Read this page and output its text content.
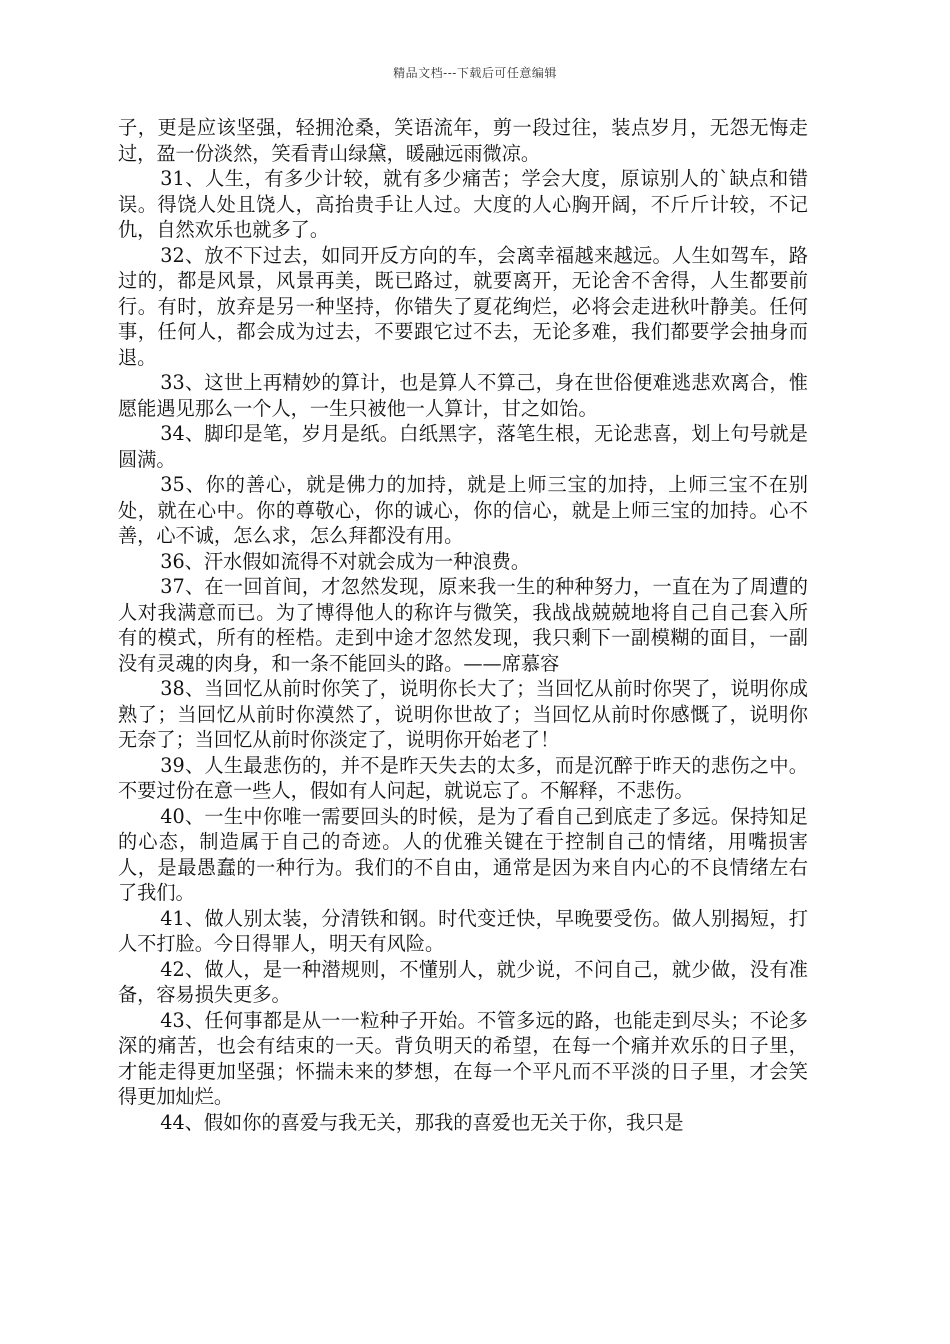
精品文档---下载后可任意编辑

子，更是应该坚强，轻拥沧桑，笑语流年，剪一段过往，装点岁月，无怨无悔走过，盈一份淡然，笑看青山绿黛，暖融远雨微凉。

31、人生，有多少计较，就有多少痛苦；学会大度，原谅别人的`缺点和错误。得饶人处且饶人，高抬贵手让人过。大度的人心胸开阔，不斤斤计较，不记仇，自然欢乐也就多了。

32、放不下过去，如同开反方向的车，会离幸福越来越远。人生如驾车，路过的，都是风景，风景再美，既已路过，就要离开，无论舍不舍得，人生都要前行。有时，放弃是另一种坚持，你错失了夏花绚烂，必将会走进秋叶静美。任何事，任何人，都会成为过去，不要跟它过不去，无论多难，我们都要学会抽身而退。

33、这世上再精妙的算计，也是算人不算己，身在世俗便难逃悲欢离合，惟愿能遇见那么一个人，一生只被他一人算计，甘之如饴。

34、脚印是笔，岁月是纸。白纸黑字，落笔生根，无论悲喜，划上句号就是圆满。

35、你的善心，就是佛力的加持，就是上师三宝的加持，上师三宝不在别处，就在心中。你的尊敬心，你的诚心，你的信心，就是上师三宝的加持。心不善，心不诚，怎么求，怎么拜都没有用。

36、汗水假如流得不对就会成为一种浪费。

37、在一回首间，才忽然发现，原来我一生的种种努力，一直在为了周遭的人对我满意而已。为了博得他人的称许与微笑，我战战兢兢地将自己自己套入所有的模式，所有的桎梏。走到中途才忽然发现，我只剩下一副模糊的面目，一副没有灵魂的肉身，和一条不能回头的路。——席慕容

38、当回忆从前时你笑了，说明你长大了；当回忆从前时你哭了，说明你成熟了；当回忆从前时你漠然了，说明你世故了；当回忆从前时你感慨了，说明你无奈了；当回忆从前时你淡定了，说明你开始老了！

39、人生最悲伤的，并不是昨天失去的太多，而是沉醉于昨天的悲伤之中。不要过份在意一些人，假如有人问起，就说忘了。不解释，不悲伤。

40、一生中你唯一需要回头的时候，是为了看自己到底走了多远。保持知足的心态，制造属于自己的奇迹。人的优雅关键在于控制自己的情绪，用嘴损害人，是最愚蠢的一种行为。我们的不自由，通常是因为来自内心的不良情绪左右了我们。

41、做人别太装，分清铁和钢。时代变迁快，早晚要受伤。做人别揭短，打人不打脸。今日得罪人，明天有风险。

42、做人，是一种潜规则，不懂别人，就少说，不问自己，就少做，没有准备，容易损失更多。

43、任何事都是从一一粒种子开始。不管多远的路，也能走到尽头；不论多深的痛苦，也会有结束的一天。背负明天的希望，在每一个痛并欢乐的日子里，才能走得更加坚强；怀揣未来的梦想，在每一个平凡而不平淡的日子里，才会笑得更加灿烂。

44、假如你的喜爱与我无关，那我的喜爱也无关于你，我只是
